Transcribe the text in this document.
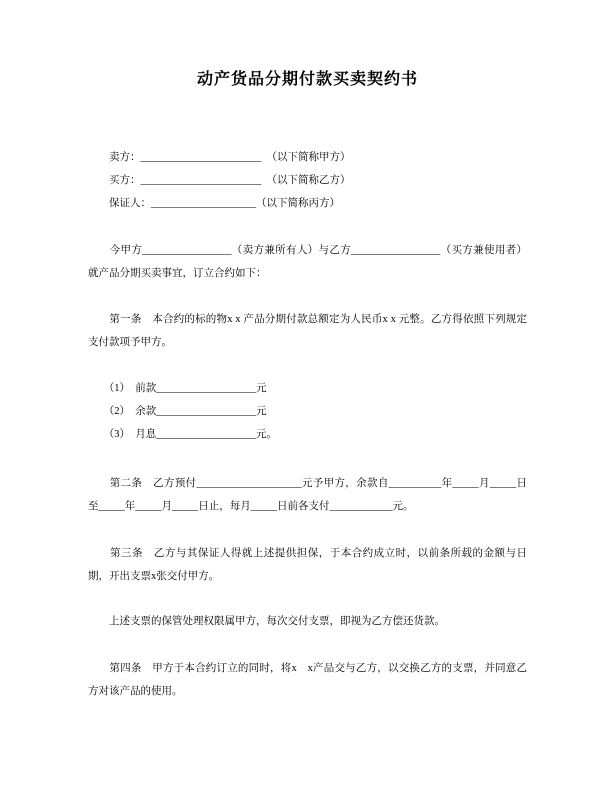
动产货品分期付款买卖契约书
　　卖方：_______________________　（以下简称甲方）
　　买方：_______________________　（以下简称乙方）
　　保证人：____________________（以下简称丙方）

　　今甲方_________________（卖方兼所有人）与乙方_________________（买方兼使用者）就产品分期买卖事宜，订立合约如下：

　　第一条　本合约的标的物x x 产品分期付款总额定为人民币x x 元整。乙方得依照下列规定支付款项予甲方。

　　（1）　前款___________________元
　　（2）　余款___________________元
　　（3）　月息___________________元。

　　第二条　乙方预付____________________元予甲方，余款自__________年_____月_____日至_____年_____月_____日止，每月_____日前各支付____________元。

　　第三条　乙方与其保证人得就上述提供担保，于本合约成立时，以前条所载的金额与日期，开出支票x张交付甲方。

　　上述支票的保管处理权限属甲方，每次交付支票，即视为乙方偿还货款。

　　第四条　甲方于本合约订立的同时，将x　x产品交与乙方，以交换乙方的支票，并同意乙方对该产品的使用。
